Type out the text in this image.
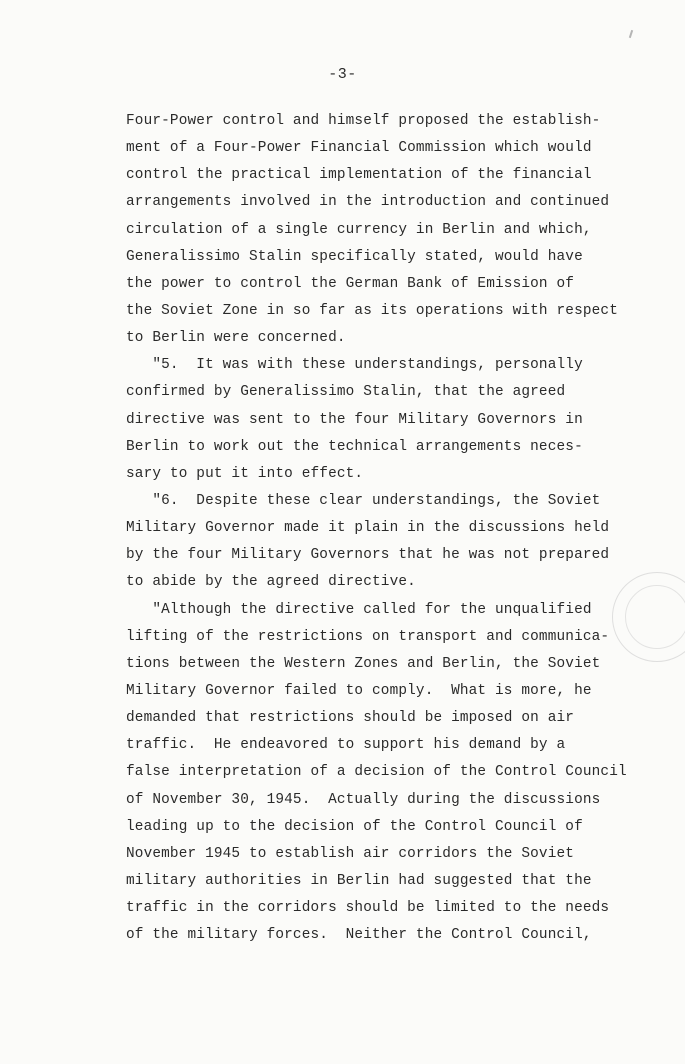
-3-
Four-Power control and himself proposed the establish-
ment of a Four-Power Financial Commission which would
control the practical implementation of the financial
arrangements involved in the introduction and continued
circulation of a single currency in Berlin and which,
Generalissimo Stalin specifically stated, would have
the power to control the German Bank of Emission of
the Soviet Zone in so far as its operations with respect
to Berlin were concerned.
"5.  It was with these understandings, personally
confirmed by Generalissimo Stalin, that the agreed
directive was sent to the four Military Governors in
Berlin to work out the technical arrangements neces-
sary to put it into effect.
"6.  Despite these clear understandings, the Soviet
Military Governor made it plain in the discussions held
by the four Military Governors that he was not prepared
to abide by the agreed directive.
"Although the directive called for the unqualified
lifting of the restrictions on transport and communica-
tions between the Western Zones and Berlin, the Soviet
Military Governor failed to comply.  What is more, he
demanded that restrictions should be imposed on air
traffic.  He endeavored to support his demand by a
false interpretation of a decision of the Control Council
of November 30, 1945.  Actually during the discussions
leading up to the decision of the Control Council of
November 1945 to establish air corridors the Soviet
military authorities in Berlin had suggested that the
traffic in the corridors should be limited to the needs
of the military forces.  Neither the Control Council,
